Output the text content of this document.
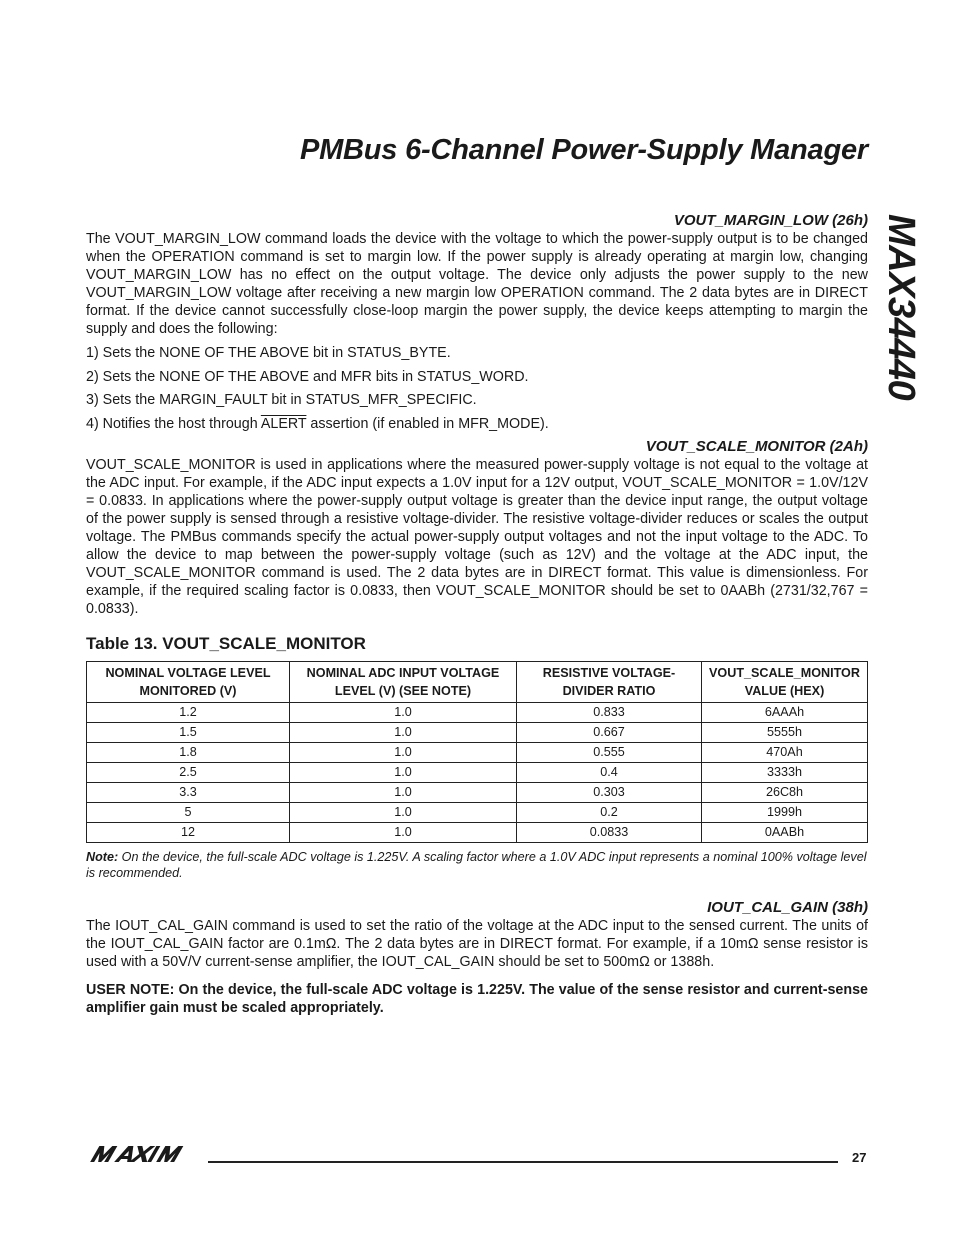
PMBus 6-Channel Power-Supply Manager
MAX34440
VOUT_MARGIN_LOW (26h)

The VOUT_MARGIN_LOW command loads the device with the voltage to which the power-supply output is to be changed when the OPERATION command is set to margin low. If the power supply is already operating at margin low, changing VOUT_MARGIN_LOW has no effect on the output voltage. The device only adjusts the power supply to the new VOUT_MARGIN_LOW voltage after receiving a new margin low OPERATION command. The 2 data bytes are in DIRECT format. If the device cannot successfully close-loop margin the power supply, the device keeps attempting to margin the supply and does the following:

1) Sets the NONE OF THE ABOVE bit in STATUS_BYTE.
2) Sets the NONE OF THE ABOVE and MFR bits in STATUS_WORD.
3) Sets the MARGIN_FAULT bit in STATUS_MFR_SPECIFIC.
4) Notifies the host through ALERT assertion (if enabled in MFR_MODE).
VOUT_SCALE_MONITOR (2Ah)

VOUT_SCALE_MONITOR is used in applications where the measured power-supply voltage is not equal to the voltage at the ADC input. For example, if the ADC input expects a 1.0V input for a 12V output, VOUT_SCALE_MONITOR = 1.0V/12V = 0.0833. In applications where the power-supply output voltage is greater than the device input range, the output voltage of the power supply is sensed through a resistive voltage-divider. The resistive voltage-divider reduces or scales the output voltage. The PMBus commands specify the actual power-supply output voltages and not the input voltage to the ADC. To allow the device to map between the power-supply voltage (such as 12V) and the voltage at the ADC input, the VOUT_SCALE_MONITOR command is used. The 2 data bytes are in DIRECT format. This value is dimensionless. For example, if the required scaling factor is 0.0833, then VOUT_SCALE_MONITOR should be set to 0AABh (2731/32,767 = 0.0833).

Table 13. VOUT_SCALE_MONITOR
NOMINAL VOLTAGE LEVEL MONITORED (V)	NOMINAL ADC INPUT VOLTAGE LEVEL (V) (SEE NOTE)	RESISTIVE VOLTAGE-DIVIDER RATIO	VOUT_SCALE_MONITOR VALUE (HEX)
1.2	1.0	0.833	6AAAh
1.5	1.0	0.667	5555h
1.8	1.0	0.555	470Ah
2.5	1.0	0.4	3333h
3.3	1.0	0.303	26C8h
5	1.0	0.2	1999h
12	1.0	0.0833	0AABh

Note: On the device, the full-scale ADC voltage is 1.225V. A scaling factor where a 1.0V ADC input represents a nominal 100% voltage level is recommended.

IOUT_CAL_GAIN (38h)

The IOUT_CAL_GAIN command is used to set the ratio of the voltage at the ADC input to the sensed current. The units of the IOUT_CAL_GAIN factor are 0.1mΩ. The 2 data bytes are in DIRECT format. For example, if a 10mΩ sense resistor is used with a 50V/V current-sense amplifier, the IOUT_CAL_GAIN should be set to 500mΩ or 1388h.

USER NOTE: On the device, the full-scale ADC voltage is 1.225V. The value of the sense resistor and current-sense amplifier gain must be scaled appropriately.

27
